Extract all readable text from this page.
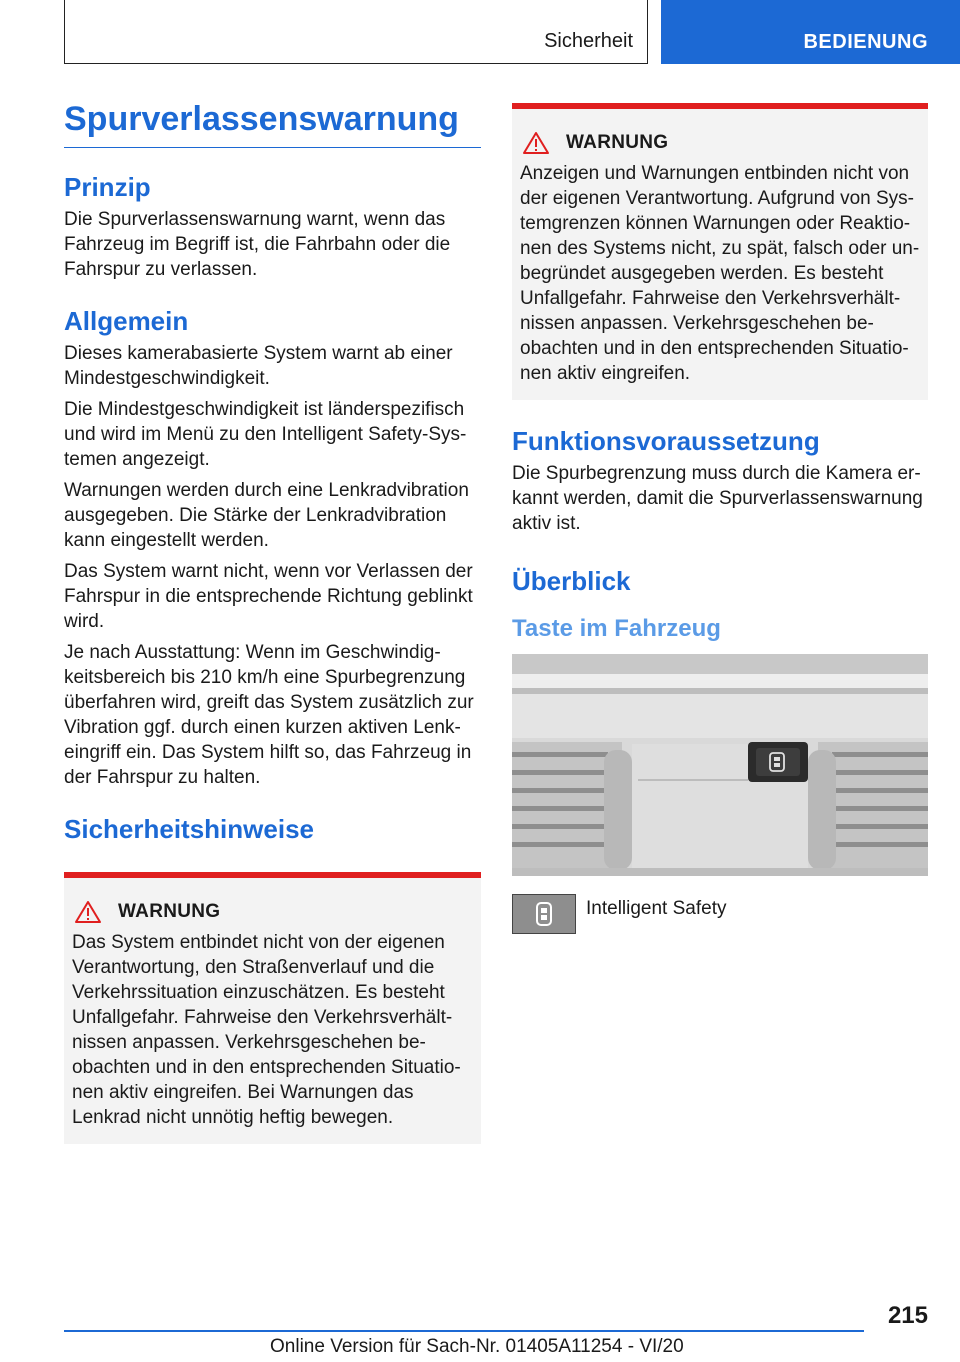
Sicherheit	BEDIENUNG
Spurverlassenswarnung
Prinzip

Die Spurverlassenswarnung warnt, wenn das Fahrzeug im Begriff ist, die Fahrbahn oder die Fahrspur zu verlassen.

Allgemein

Dieses kamerabasierte System warnt ab einer Mindestgeschwindigkeit.

Die Mindestgeschwindigkeit ist länderspezifisch und wird im Menü zu den Intelligent Safety-Sys-temen angezeigt.

Warnungen werden durch eine Lenkradvibration ausgegeben. Die Stärke der Lenkradvibration kann eingestellt werden.

Das System warnt nicht, wenn vor Verlassen der Fahrspur in die entsprechende Richtung geblinkt wird.

Je nach Ausstattung: Wenn im Geschwindig-keitsbereich bis 210 km/h eine Spurbegrenzung überfahren wird, greift das System zusätzlich zur Vibration ggf. durch einen kurzen aktiven Lenk-eingriff ein. Das System hilft so, das Fahrzeug in der Fahrspur zu halten.

Sicherheitshinweise
WARNUNG

Das System entbindet nicht von der eigenen Verantwortung, den Straßenverlauf und die Verkehrssituation einzuschätzen. Es besteht Unfallgefahr. Fahrweise den Verkehrsverhält-nissen anpassen. Verkehrsgeschehen be-obachten und in den entsprechenden Situatio-nen aktiv eingreifen. Bei Warnungen das Lenkrad nicht unnötig heftig bewegen.

WARNUNG

Anzeigen und Warnungen entbinden nicht von der eigenen Verantwortung. Aufgrund von Sys-temgrenzen können Warnungen oder Reaktio-nen des Systems nicht, zu spät, falsch oder un-begründet ausgegeben werden. Es besteht Unfallgefahr. Fahrweise den Verkehrsverhält-nissen anpassen. Verkehrsgeschehen be-obachten und in den entsprechenden Situatio-nen aktiv eingreifen.

Funktionsvoraussetzung

Die Spurbegrenzung muss durch die Kamera er-kannt werden, damit die Spurverlassenswarnung aktiv ist.

Überblick
Taste im Fahrzeug
Intelligent Safety
215
Online Version für Sach-Nr. 01405A11254 - VI/20
